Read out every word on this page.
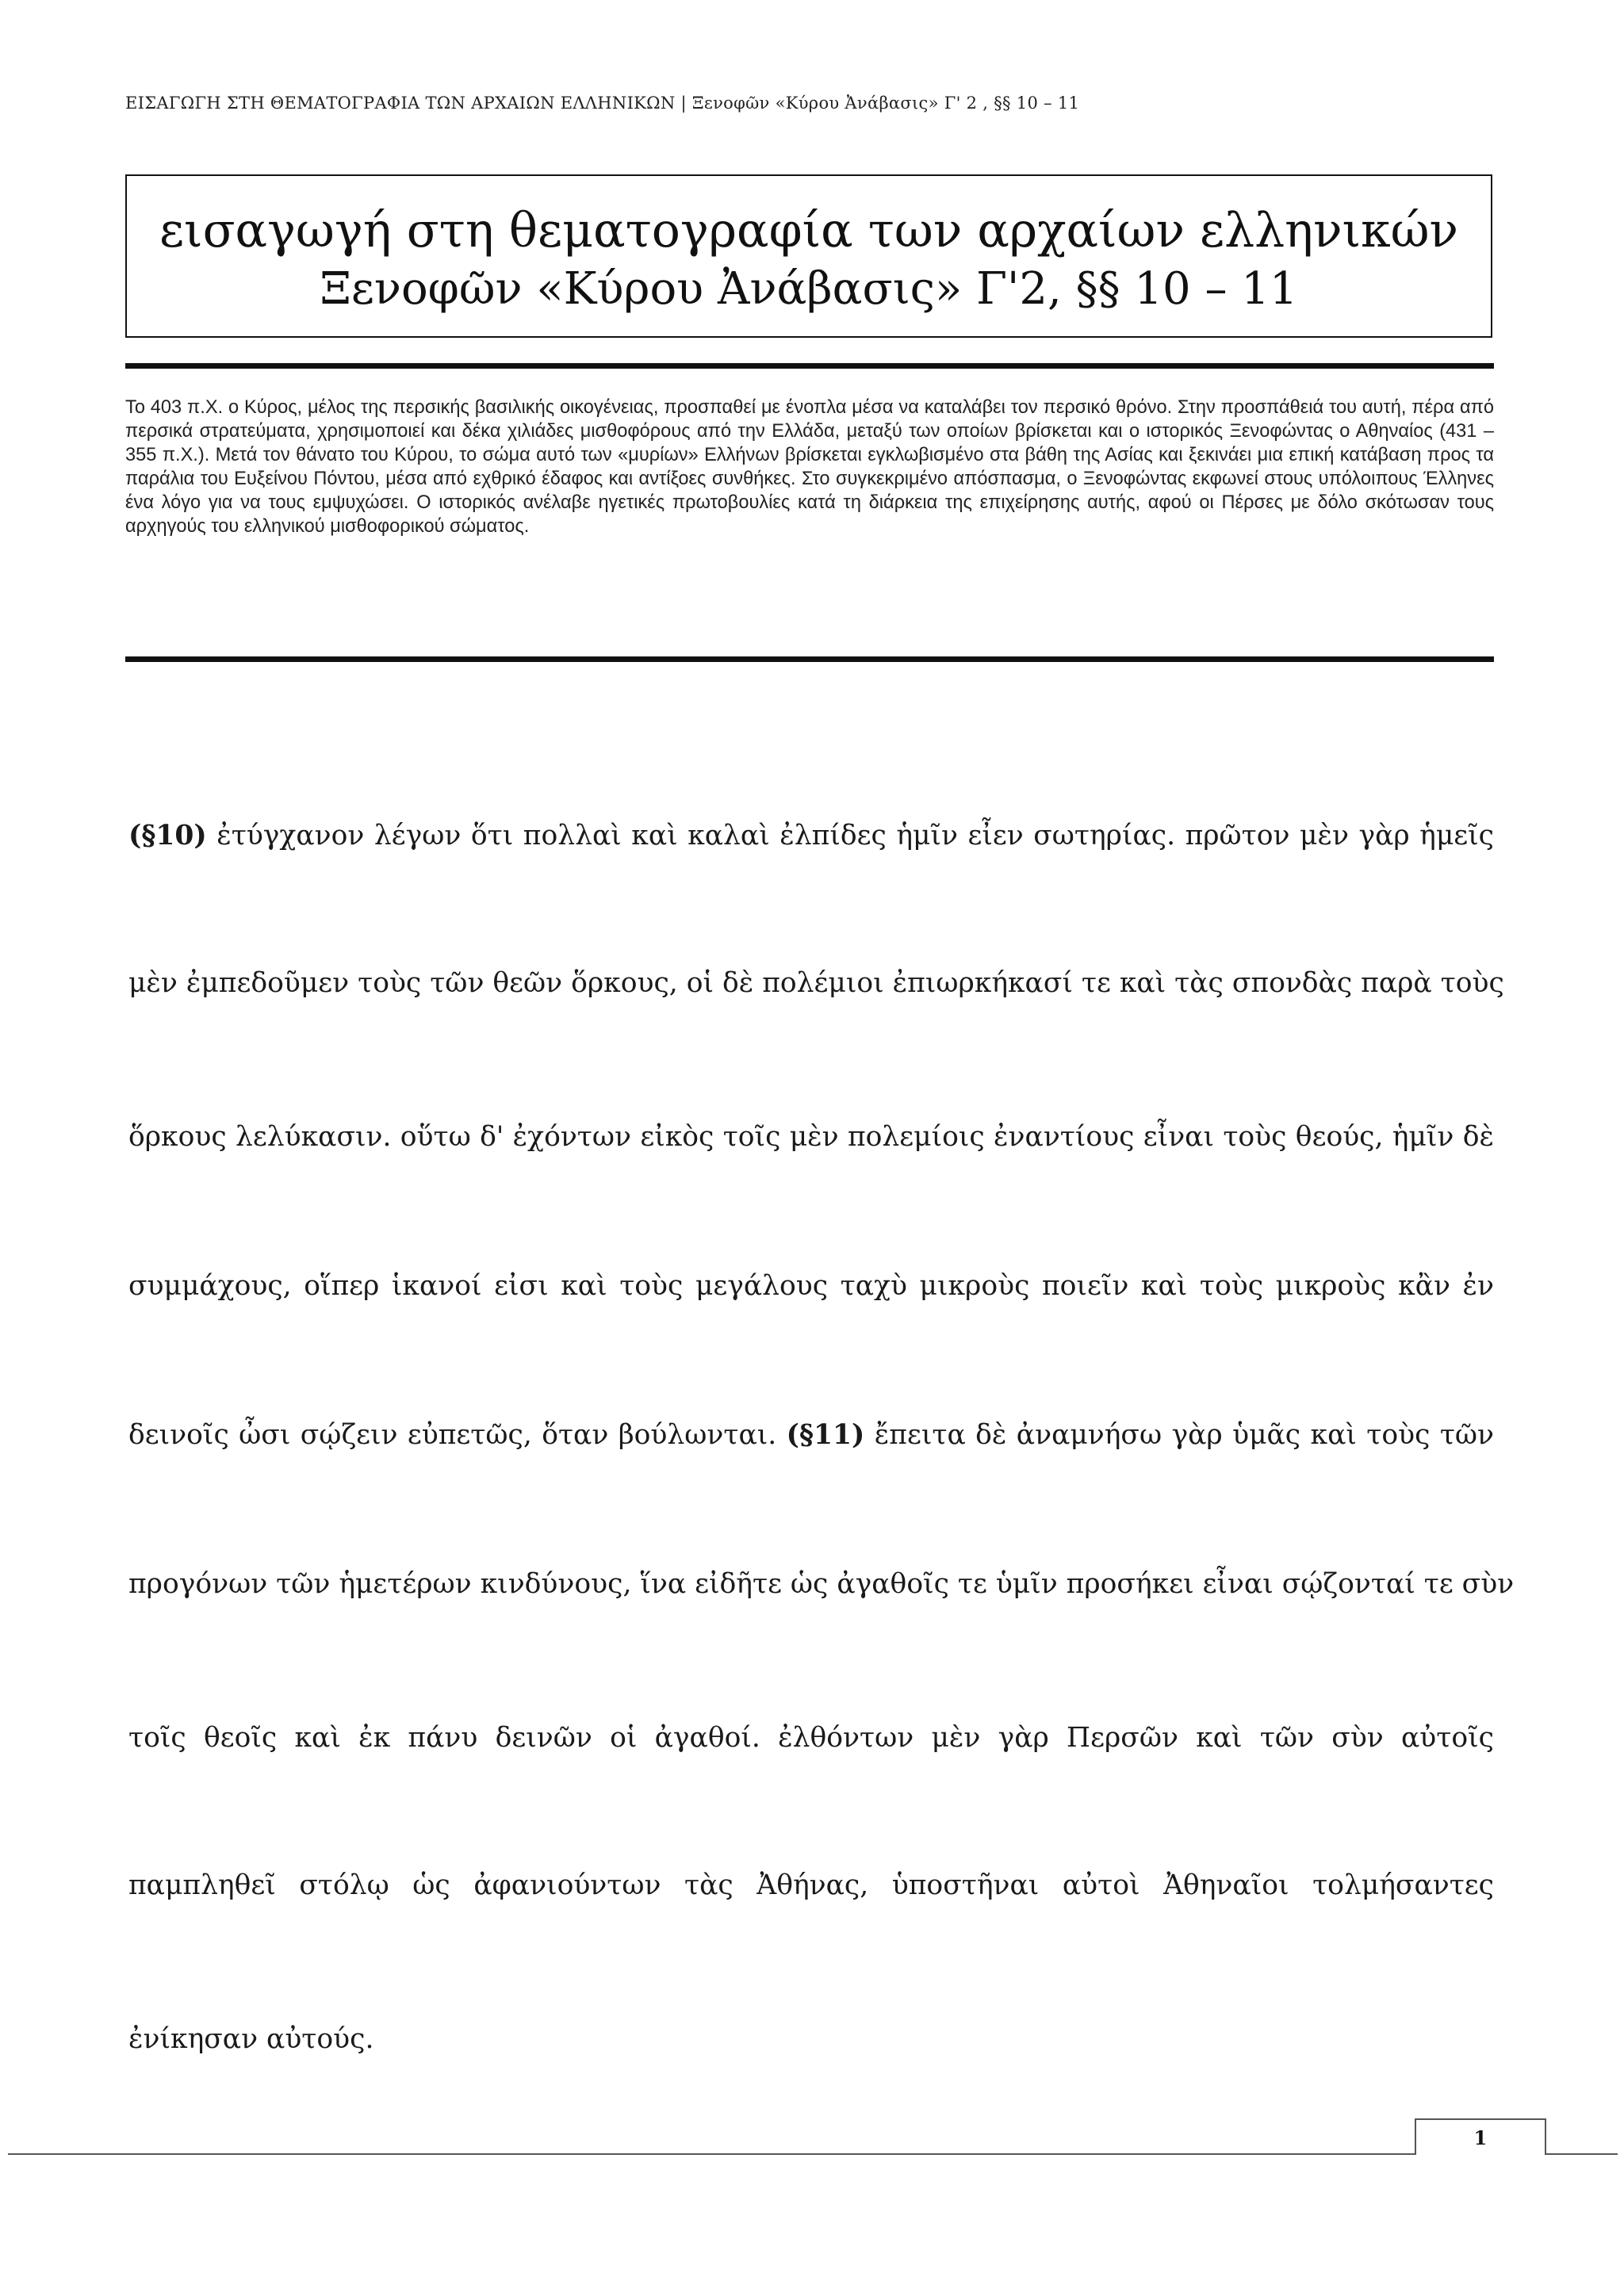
ΕΙΣΑΓΩΓΗ ΣΤΗ ΘΕΜΑΤΟΓΡΑΦΙΑ ΤΩΝ ΑΡΧΑΙΩΝ ΕΛΛΗΝΙΚΩΝ | Ξενοφῶν «Κύρου Ἀνάβασις» Γ' 2 , §§ 10 – 11
εισαγωγή στη θεματογραφία των αρχαίων ελληνικών
Ξενοφῶν «Κύρου Ἀνάβασις» Γ'2, §§ 10 – 11
Το 403 π.Χ. ο Κύρος, μέλος της περσικής βασιλικής οικογένειας, προσπαθεί με ένοπλα μέσα να καταλάβει τον περσικό θρόνο. Στην προσπάθειά του αυτή, πέρα από περσικά στρατεύματα, χρησιμοποιεί και δέκα χιλιάδες μισθοφόρους από την Ελλάδα, μεταξύ των οποίων βρίσκεται και ο ιστορικός Ξενοφώντας ο Αθηναίος (431 – 355 π.Χ.). Μετά τον θάνατο του Κύρου, το σώμα αυτό των «μυρίων» Ελλήνων βρίσκεται εγκλωβισμένο στα βάθη της Ασίας και ξεκινάει μια επική κατάβαση προς τα παράλια του Ευξείνου Πόντου, μέσα από εχθρικό έδαφος και αντίξοες συνθήκες. Στο συγκεκριμένο απόσπασμα, ο Ξενοφώντας εκφωνεί στους υπόλοιπους Έλληνες ένα λόγο για να τους εμψυχώσει. Ο ιστορικός ανέλαβε ηγετικές πρωτοβουλίες κατά τη διάρκεια της επιχείρησης αυτής, αφού οι Πέρσες με δόλο σκότωσαν τους αρχηγούς του ελληνικού μισθοφορικού σώματος.
(§10) ἐτύγχανον λέγων ὅτι πολλαὶ καὶ καλαὶ ἐλπίδες ἡμῖν εἶεν σωτηρίας. πρῶτον μὲν γὰρ ἡμεῖς
μὲν ἐμπεδοῦμεν τοὺς τῶν θεῶν ὅρκους, οἱ δὲ πολέμιοι ἐπιωρκήκασί τε καὶ τὰς σπονδὰς παρὰ τοὺς
ὅρκους λελύκασιν. οὕτω δ' ἐχόντων εἰκὸς τοῖς μὲν πολεμίοις ἐναντίους εἶναι τοὺς θεούς, ἡμῖν δὲ
συμμάχους, οἵπερ ἱκανοί εἰσι καὶ τοὺς μεγάλους ταχὺ μικροὺς ποιεῖν καὶ τοὺς μικροὺς κἂν ἐν
δεινοῖς ὦσι σῴζειν εὐπετῶς, ὅταν βούλωνται. (§11) ἔπειτα δὲ ἀναμνήσω γὰρ ὑμᾶς καὶ τοὺς τῶν
προγόνων τῶν ἡμετέρων κινδύνους, ἵνα εἰδῆτε ὡς ἀγαθοῖς τε ὑμῖν προσήκει εἶναι σῴζονταί τε σὺν
τοῖς θεοῖς καὶ ἐκ πάνυ δεινῶν οἱ ἀγαθοί. ἐλθόντων μὲν γὰρ Περσῶν καὶ τῶν σὺν αὐτοῖς
παμπληθεῖ στόλῳ ὡς ἀφανιούντων τὰς Ἀθήνας, ὑποστῆναι αὐτοὶ Ἀθηναῖοι τολμήσαντες
ἐνίκησαν αὐτούς.
1
